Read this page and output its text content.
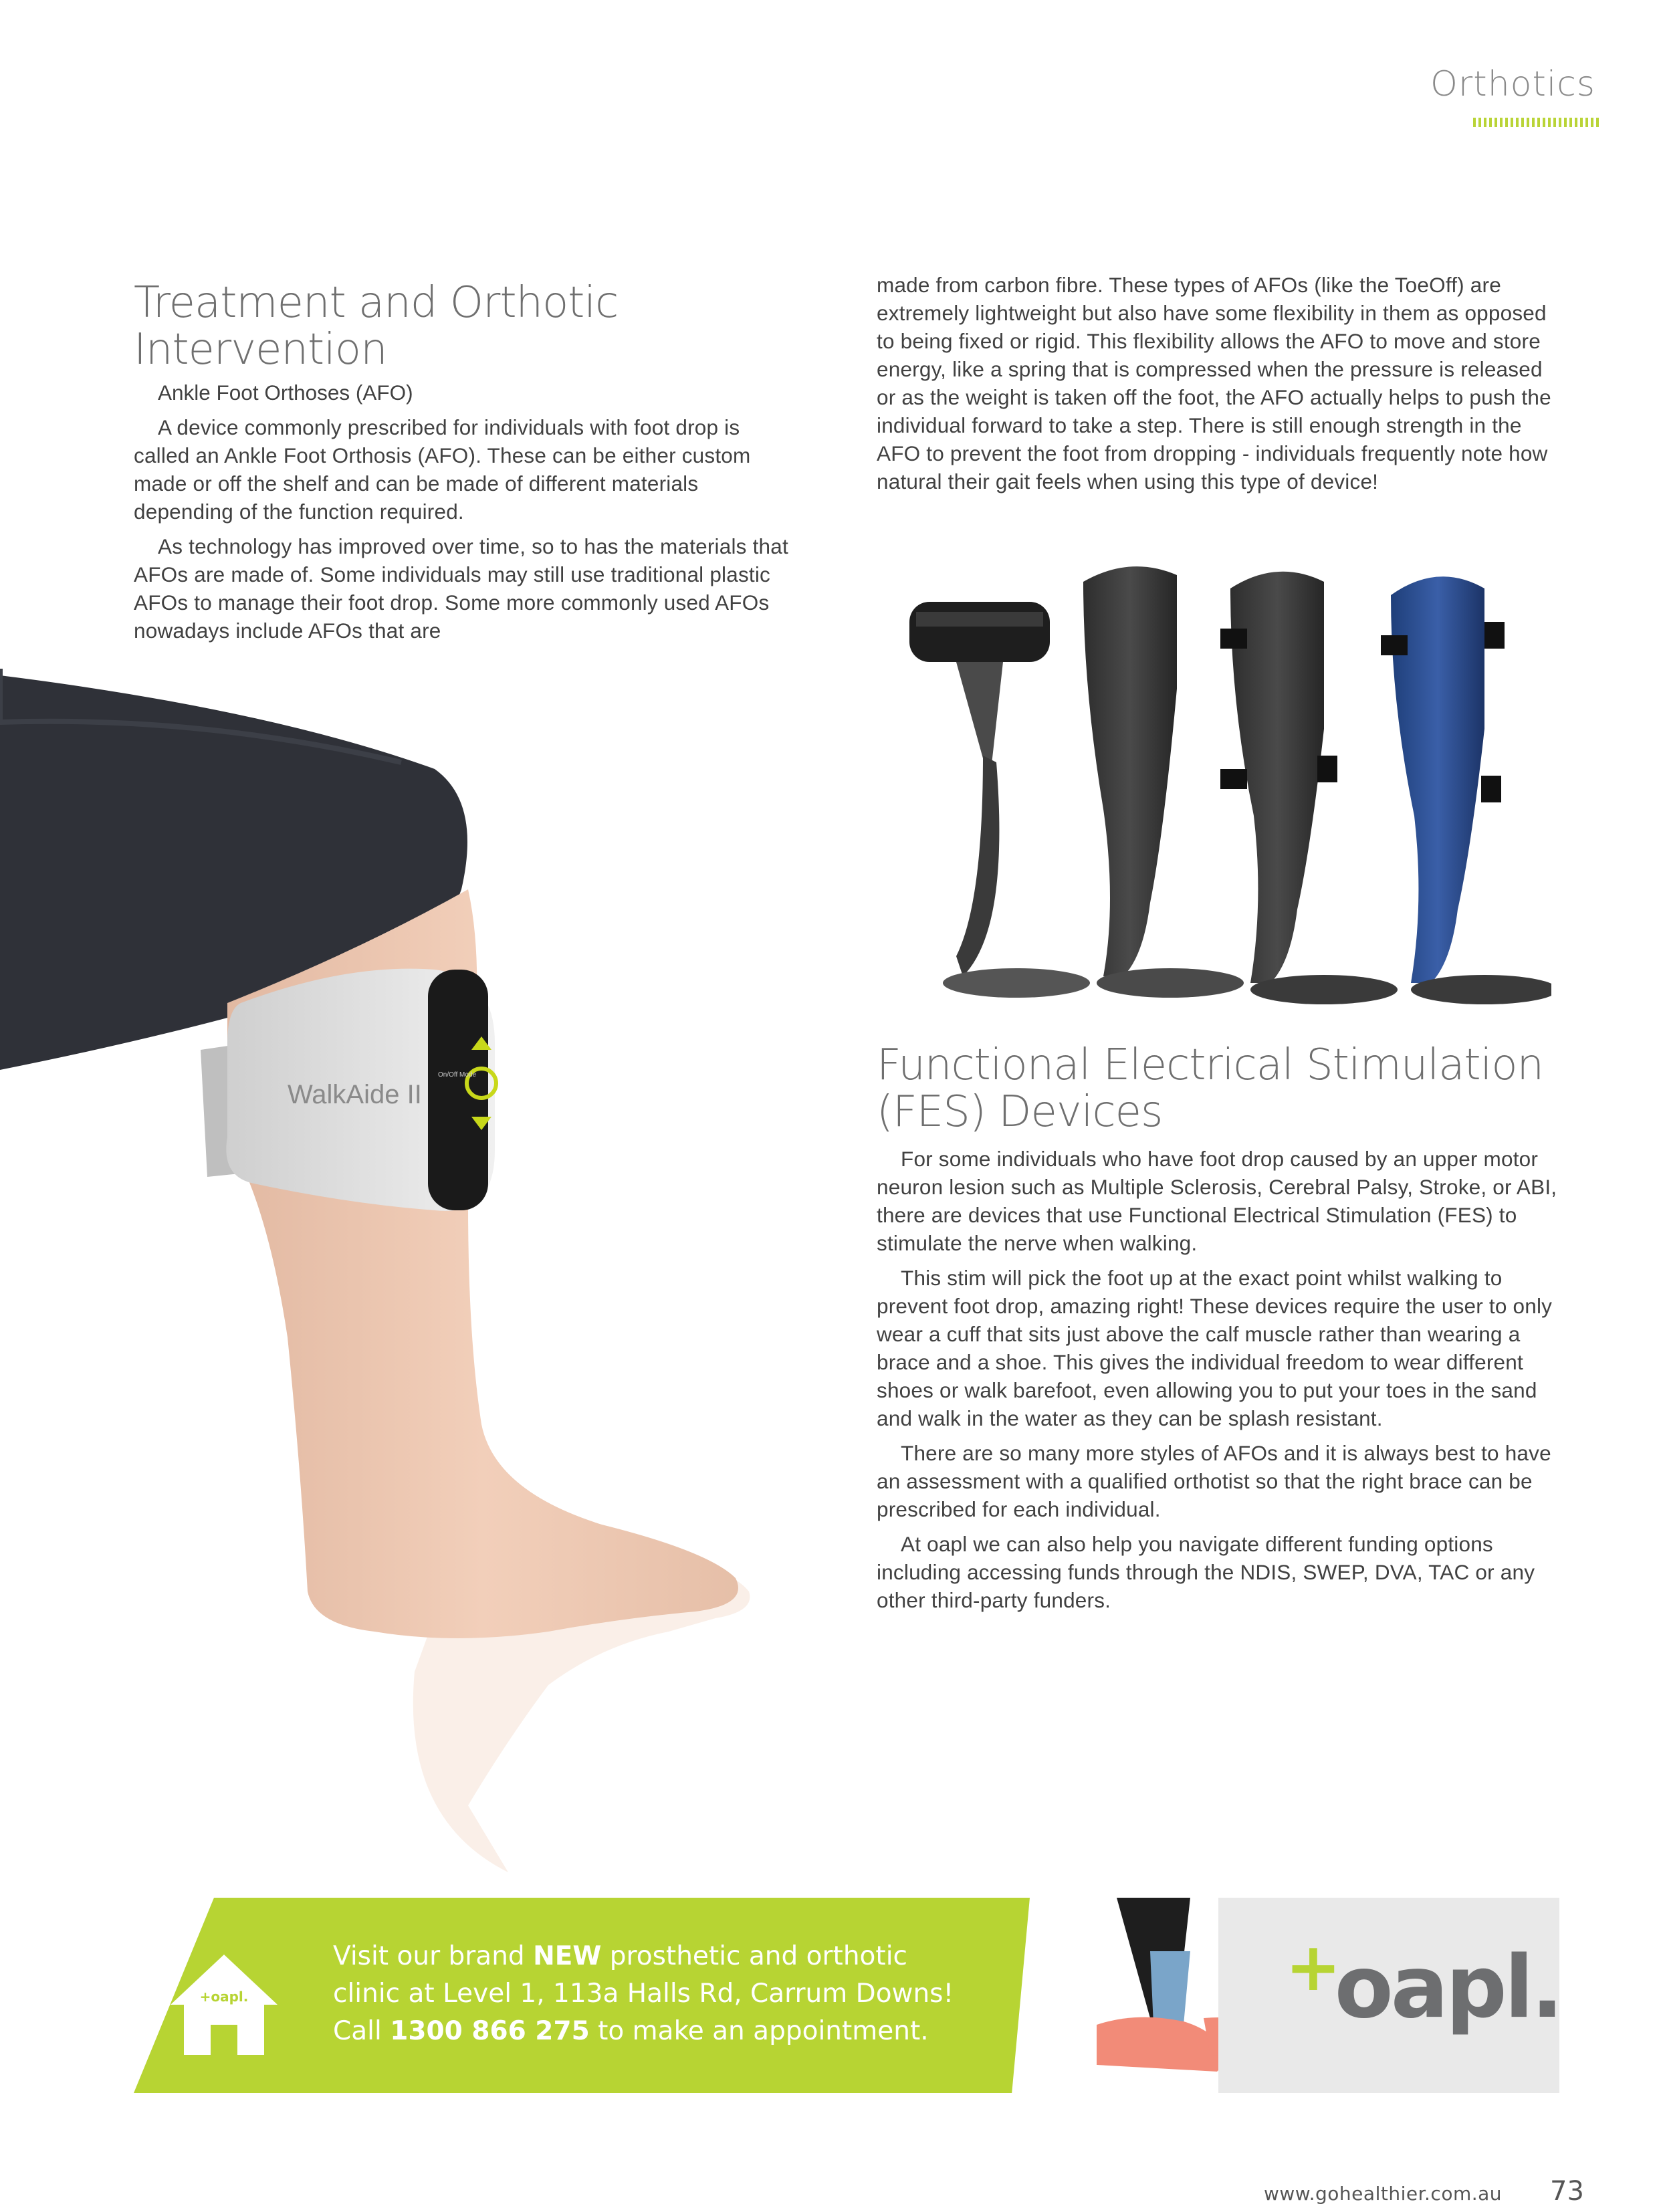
Orthotics
Treatment and Orthotic Intervention
Ankle Foot Orthoses (AFO)

A device commonly prescribed for individuals with foot drop is called an Ankle Foot Orthosis (AFO). These can be either custom made or off the shelf and can be made of different materials depending of the function required.

As technology has improved over time, so to has the materials that AFOs are made of. Some individuals may still use traditional plastic AFOs to manage their foot drop. Some more commonly used AFOs nowadays include AFOs that are

made from carbon fibre. These types of AFOs (like the ToeOff) are extremely lightweight but also have some flexibility in them as opposed to being fixed or rigid. This flexibility allows the AFO to move and store energy, like a spring that is compressed when the pressure is released or as the weight is taken off the foot, the AFO actually helps to push the individual forward to take a step. There is still enough strength in the AFO to prevent the foot from dropping - individuals frequently note how natural their gait feels when using this type of device!
Functional Electrical Stimulation
(FES) Devices

For some individuals who have foot drop caused by an upper motor neuron lesion such as Multiple Sclerosis, Cerebral Palsy, Stroke, or ABI, there are devices that use Functional Electrical Stimulation (FES) to stimulate the nerve when walking.

This stim will pick the foot up at the exact point whilst walking to prevent foot drop, amazing right! These devices require the user to only wear a cuff that sits just above the calf muscle rather than wearing a brace and a shoe. This gives the individual freedom to wear different shoes or walk barefoot, even allowing you to put your toes in the sand and walk in the water as they can be splash resistant.

There are so many more styles of AFOs and it is always best to have an assessment with a qualified orthotist so that the right brace can be prescribed for each individual.

At oapl we can also help you navigate different funding options including accessing funds through the NDIS, SWEP, DVA, TAC or any other third-party funders.

WalkAide II
On/Off Mode
+oapl.
Visit our brand NEW prosthetic and orthotic
clinic at Level 1, 113a Halls Rd, Carrum Downs!
Call 1300 866 275 to make an appointment.
+oapl.
www.gohealthier.com.au 73
